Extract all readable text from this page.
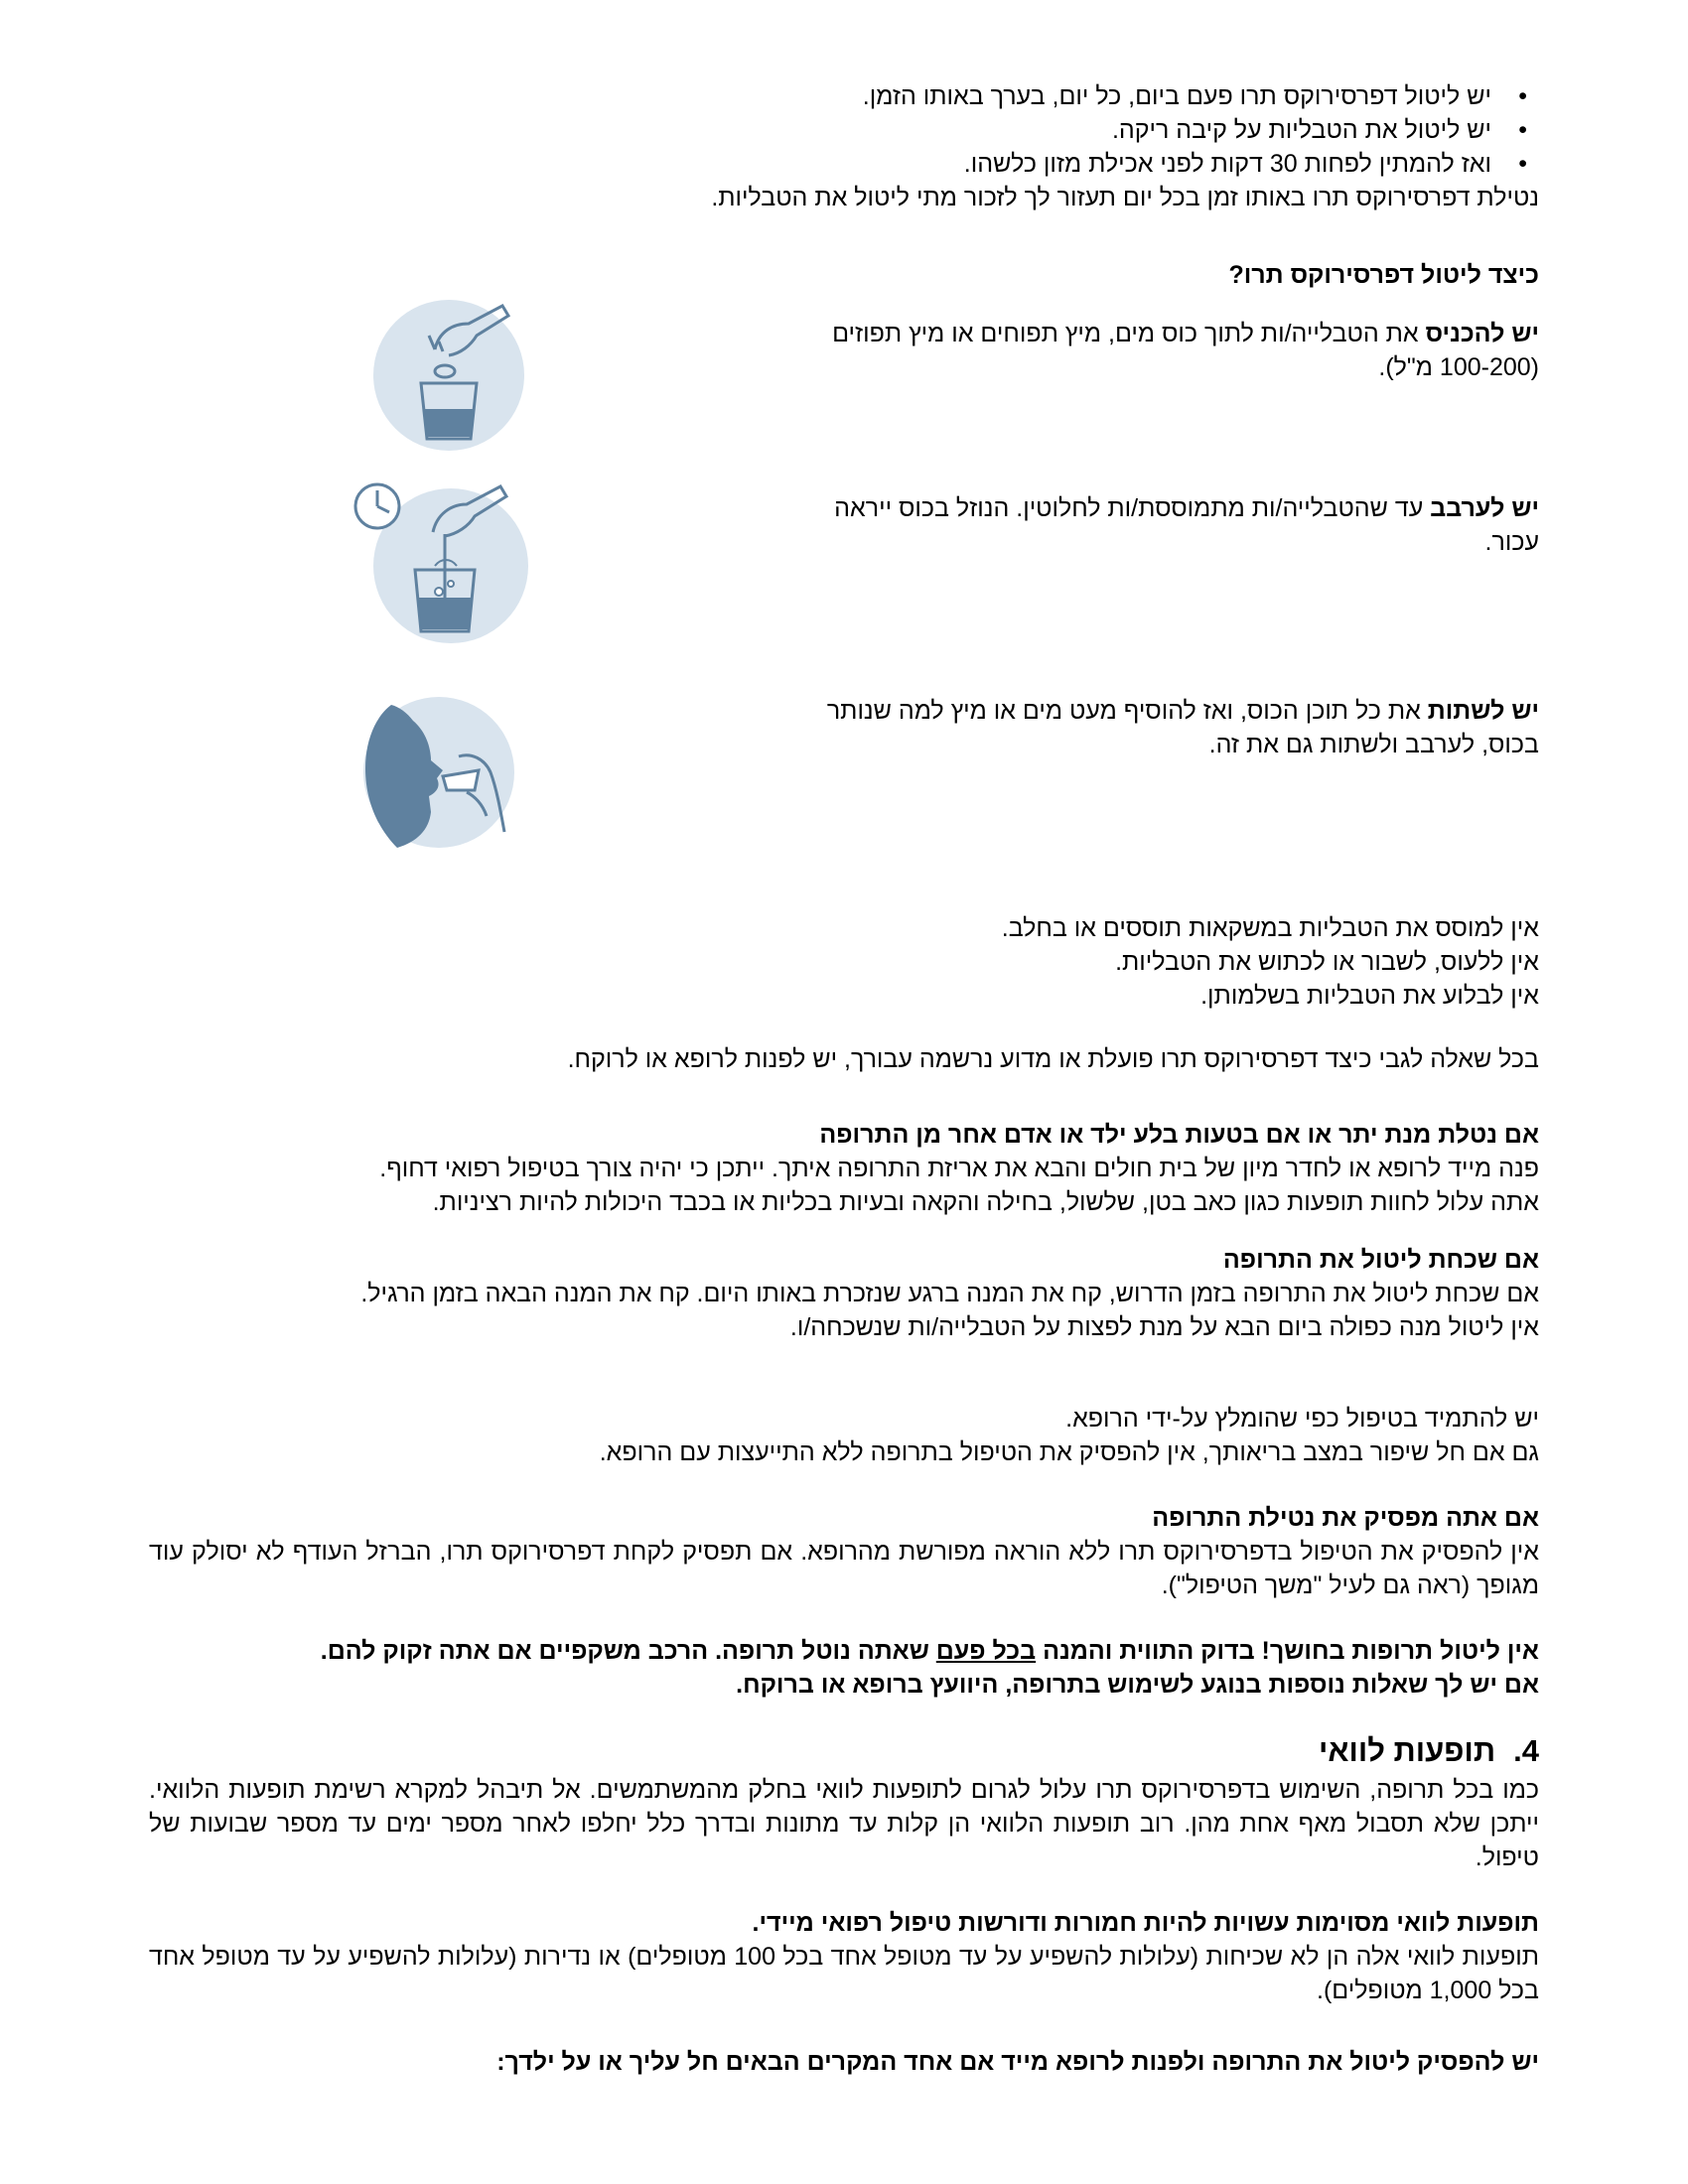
• יש ליטול דפרסירוקס תרו פעם ביום, כל יום, בערך באותו הזמן.
• יש ליטול את הטבליות על קיבה ריקה.
• ואז להמתין לפחות 30 דקות לפני אכילת מזון כלשהו.

נטילת דפרסירוקס תרו באותו זמן בכל יום תעזור לך לזכור מתי ליטול את הטבליות.

כיצד ליטול דפרסירוקס תרו?

יש להכניס את הטבלייה/ות לתוך כוס מים, מיץ תפוחים או מיץ תפוזים (100-200 מ"ל).

יש לערבב עד שהטבלייה/ות מתמוססת/ות לחלוטין. הנוזל בכוס ייראה עכור.

יש לשתות את כל תוכן הכוס, ואז להוסיף מעט מים או מיץ למה שנותר בכוס, לערבב ולשתות גם את זה.

אין למוסס את הטבליות במשקאות תוססים או בחלב.

אין ללעוס, לשבור או לכתוש את הטבליות.

אין לבלוע את הטבליות בשלמותן.

בכל שאלה לגבי כיצד דפרסירוקס תרו פועלת או מדוע נרשמה עבורך, יש לפנות לרופא או לרוקח.

אם נטלת מנת יתר או אם בטעות בלע ילד או אדם אחר מן התרופה

פנה מייד לרופא או לחדר מיון של בית חולים והבא את אריזת התרופה איתך. ייתכן כי יהיה צורך בטיפול רפואי דחוף.

אתה עלול לחוות תופעות כגון כאב בטן, שלשול, בחילה והקאה ובעיות בכליות או בכבד היכולות להיות רציניות.

אם שכחת ליטול את התרופה

אם שכחת ליטול את התרופה בזמן הדרוש, קח את המנה ברגע שנזכרת באותו היום. קח את המנה הבאה בזמן הרגיל.

אין ליטול מנה כפולה ביום הבא על מנת לפצות על הטבלייה/ות שנשכחה/ו.

יש להתמיד בטיפול כפי שהומלץ על-ידי הרופא.

גם אם חל שיפור במצב בריאותך, אין להפסיק את הטיפול בתרופה ללא התייעצות עם הרופא.

אם אתה מפסיק את נטילת התרופה

אין להפסיק את הטיפול בדפרסירוקס תרו ללא הוראה מפורשת מהרופא. אם תפסיק לקחת דפרסירוקס תרו, הברזל העודף לא יסולק עוד מגופך (ראה גם לעיל "משך הטיפול").

אין ליטול תרופות בחושך! בדוק התווית והמנה בכל פעם שאתה נוטל תרופה. הרכב משקפיים אם אתה זקוק להם.

אם יש לך שאלות נוספות בנוגע לשימוש בתרופה, היוועץ ברופא או ברוקח.

4.תופעות לוואי

כמו בכל תרופה, השימוש בדפרסירוקס תרו עלול לגרום לתופעות לוואי בחלק מהמשתמשים. אל תיבהל למקרא רשימת תופעות הלוואי. ייתכן שלא תסבול מאף אחת מהן. רוב תופעות הלוואי הן קלות עד מתונות ובדרך כלל יחלפו לאחר מספר ימים עד מספר שבועות של טיפול.

תופעות לוואי מסוימות עשויות להיות חמורות ודורשות טיפול רפואי מיידי.

תופעות לוואי אלה הן לא שכיחות (עלולות להשפיע על עד מטופל אחד בכל 100 מטופלים) או נדירות (עלולות להשפיע על עד מטופל אחד בכל 1,000 מטופלים).

יש להפסיק ליטול את התרופה ולפנות לרופא מייד אם אחד המקרים הבאים חל עליך או על ילדך:
